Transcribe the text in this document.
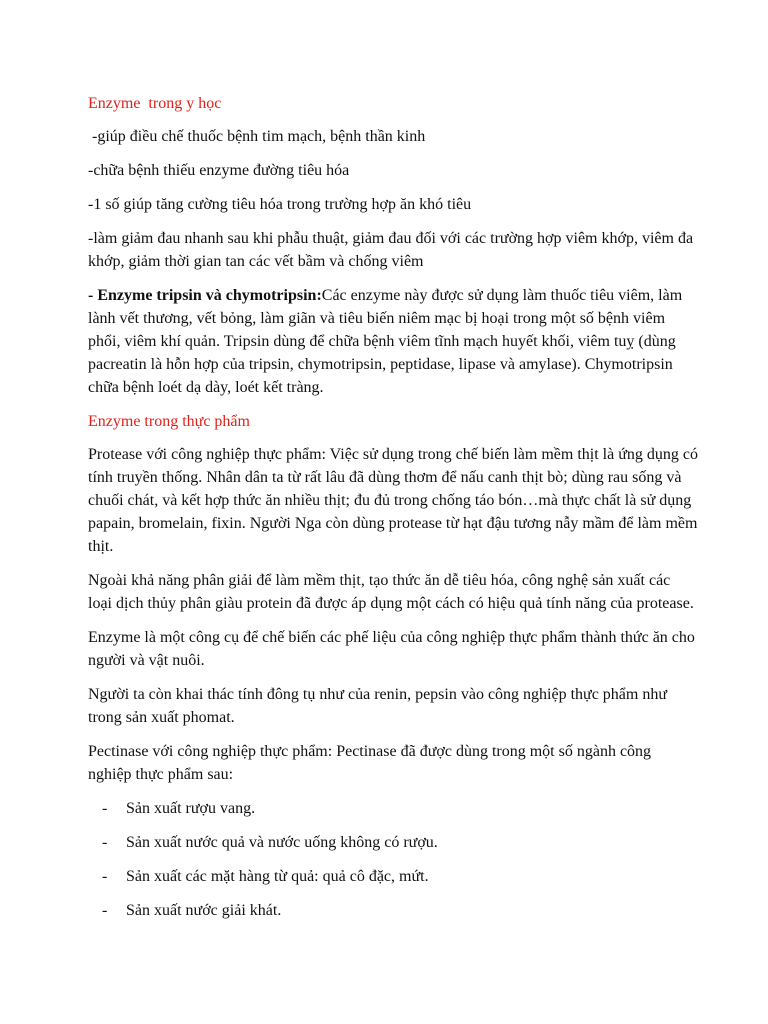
Enzyme  trong y học

-giúp điều chế thuốc bệnh tim mạch, bệnh thần kinh

-chữa bệnh thiếu enzyme đường tiêu hóa

-1 số giúp tăng cường tiêu hóa trong trường hợp ăn khó tiêu

-làm giảm đau nhanh sau khi phẫu thuật, giảm đau đối với các trường hợp viêm khớp, viêm đa khớp, giảm thời gian tan các vết bầm và chống viêm

- Enzyme tripsin và chymotripsin:Các enzyme này được sử dụng làm thuốc tiêu viêm, làm lành vết thương, vết bỏng, làm giãn và tiêu biến niêm mạc bị hoại trong một số bệnh viêm phổi, viêm khí quản. Tripsin dùng để chữa bệnh viêm tĩnh mạch huyết khối, viêm tuỵ (dùng pacreatin là hỗn hợp của tripsin, chymotripsin, peptidase, lipase và amylase). Chymotripsin chữa bệnh loét dạ dày, loét kết tràng.

Enzyme trong thực phẩm

Protease với công nghiệp thực phẩm: Việc sử dụng trong chế biến làm mềm thịt là ứng dụng có tính truyền thống. Nhân dân ta từ rất lâu đã dùng thơm để nấu canh thịt bò; dùng rau sống và chuối chát, và kết hợp thức ăn nhiều thịt; đu đủ trong chống táo bón…mà thực chất là sử dụng papain, bromelain, fixin. Người Nga còn dùng protease từ hạt đậu tương nẫy mầm để làm mềm thịt.

Ngoài khả năng phân giải để làm mềm thịt, tạo thức ăn dễ tiêu hóa, công nghệ sản xuất các loại dịch thủy phân giàu protein đã được áp dụng một cách có hiệu quả tính năng của protease.

Enzyme là một công cụ để chế biến các phế liệu của công nghiệp thực phẩm thành thức ăn cho người và vật nuôi.

Người ta còn khai thác tính đông tụ như của renin, pepsin vào công nghiệp thực phẩm như trong sản xuất phomat.

Pectinase với công nghiệp thực phẩm: Pectinase đã được dùng trong một số ngành công nghiệp thực phẩm sau:

- Sản xuất rượu vang.
- Sản xuất nước quả và nước uống không có rượu.
- Sản xuất các mặt hàng từ quả: quả cô đặc, mứt.
- Sản xuất nước giải khát.
